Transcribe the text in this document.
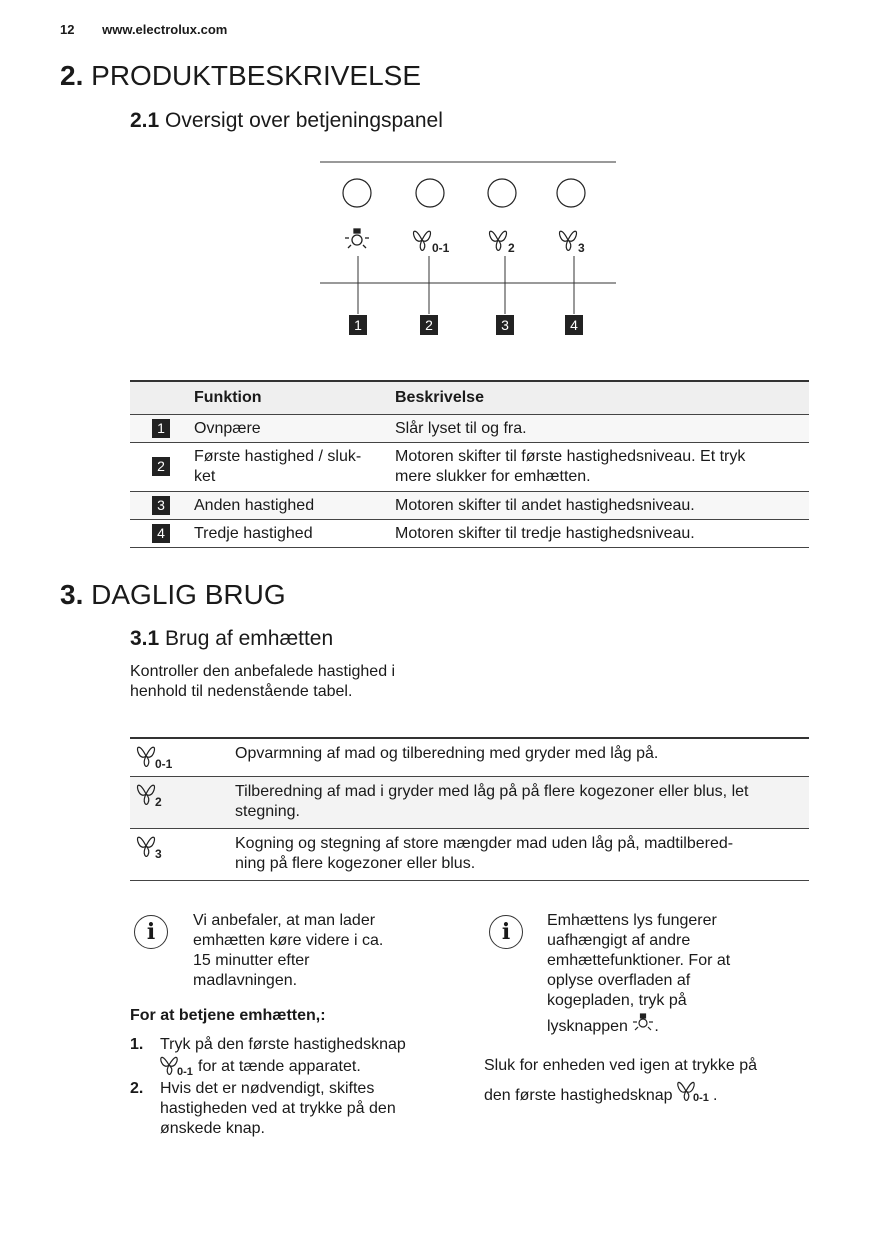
12 www.electrolux.com
2. PRODUKTBESKRIVELSE
2.1 Oversigt over betjeningspanel
0-1	2	3
1	2	3	4
	Funktion	Beskrivelse
1	Ovnpære	Slår lyset til og fra.
2	Første hastighed / sluk-
ket	Motoren skifter til første hastighedsniveau. Et tryk
mere slukker for emhætten.
3	Anden hastighed	Motoren skifter til andet hastighedsniveau.
4	Tredje hastighed	Motoren skifter til tredje hastighedsniveau.
3. DAGLIG BRUG
3.1 Brug af emhætten
Kontroller den anbefalede hastighed i
henhold til nedenstående tabel.
0-1	Opvarmning af mad og tilberedning med gryder med låg på.

2	Tilberedning af mad i gryder med låg på på flere kogezoner eller blus, let
stegning.

3	Kogning og stegning af store mængder mad uden låg på, madtilbered-
ning på flere kogezoner eller blus.
i	Vi anbefaler, at man lader
emhætten køre videre i ca.
15 minutter efter
madlavningen.
For at betjene emhætten,:
1. Tryk på den første hastighedsknap

0-1 for at tænde apparatet.
2. Hvis det er nødvendigt, skiftes
hastigheden ved at trykke på den
ønskede knap.
i	Emhættens lys fungerer
uafhængigt af andre
emhættefunktioner. For at
oplyse overfladen af
kogepladen, tryk på
lysknappen .
Sluk for enheden ved igen at trykke på
den første hastighedsknap 0-1 .
